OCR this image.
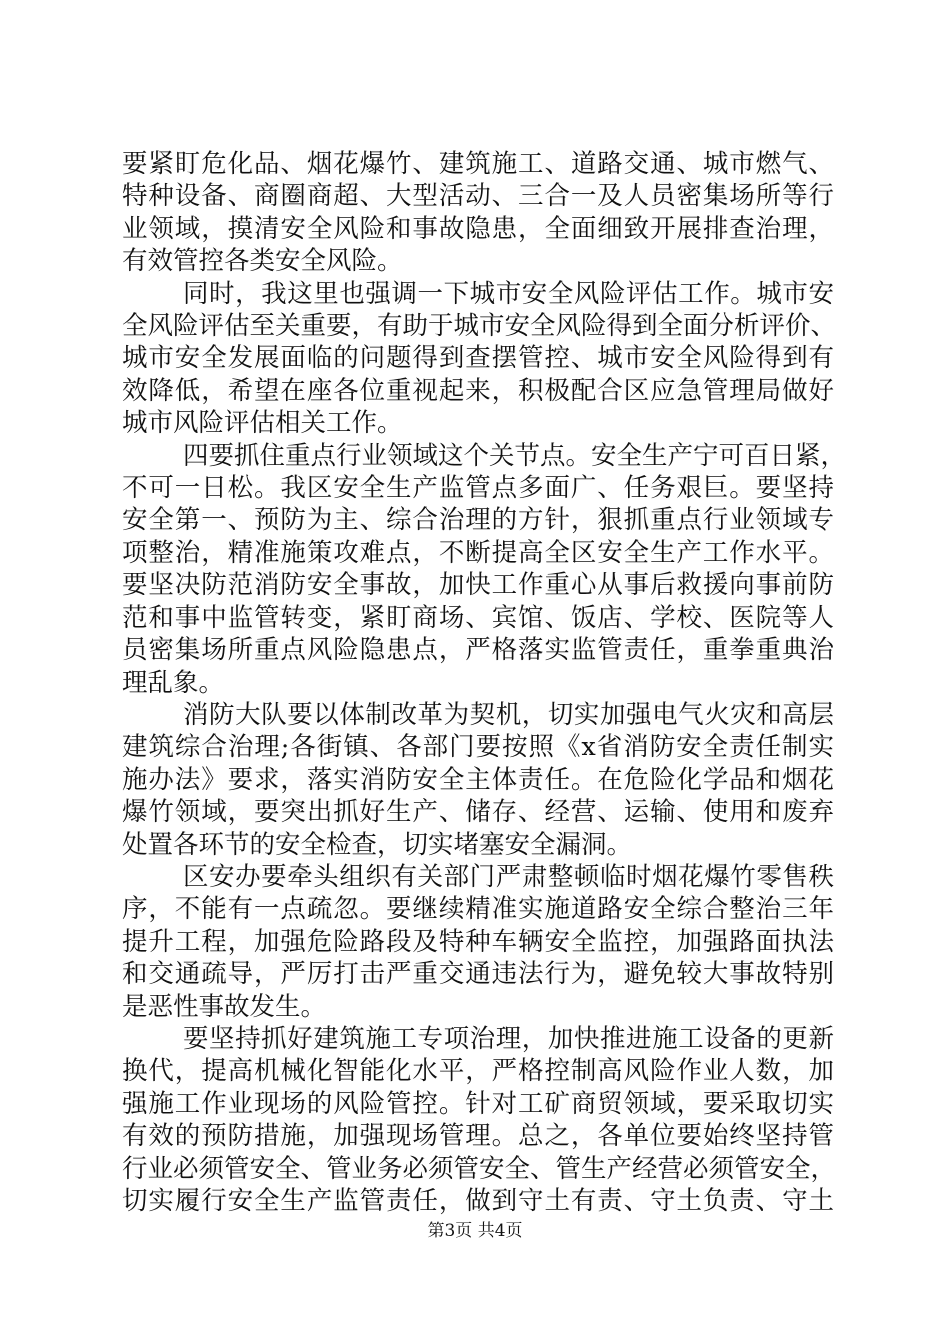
要紧盯危化品、烟花爆竹、建筑施工、道路交通、城市燃气、
特种设备、商圈商超、大型活动、三合一及人员密集场所等行
业领域，摸清安全风险和事故隐患，全面细致开展排查治理，
有效管控各类安全风险。
同时，我这里也强调一下城市安全风险评估工作。城市安
全风险评估至关重要，有助于城市安全风险得到全面分析评价、
城市安全发展面临的问题得到查摆管控、城市安全风险得到有
效降低，希望在座各位重视起来，积极配合区应急管理局做好
城市风险评估相关工作。
四要抓住重点行业领域这个关节点。安全生产宁可百日紧，
不可一日松。我区安全生产监管点多面广、任务艰巨。要坚持
安全第一、预防为主、综合治理的方针，狠抓重点行业领域专
项整治，精准施策攻难点，不断提高全区安全生产工作水平。
要坚决防范消防安全事故，加快工作重心从事后救援向事前防
范和事中监管转变，紧盯商场、宾馆、饭店、学校、医院等人
员密集场所重点风险隐患点，严格落实监管责任，重拳重典治
理乱象。
消防大队要以体制改革为契机，切实加强电气火灾和高层
建筑综合治理;各街镇、各部门要按照《x省消防安全责任制实
施办法》要求，落实消防安全主体责任。在危险化学品和烟花
爆竹领域，要突出抓好生产、储存、经营、运输、使用和废弃
处置各环节的安全检查，切实堵塞安全漏洞。
区安办要牵头组织有关部门严肃整顿临时烟花爆竹零售秩
序，不能有一点疏忽。要继续精准实施道路安全综合整治三年
提升工程，加强危险路段及特种车辆安全监控，加强路面执法
和交通疏导，严厉打击严重交通违法行为，避免较大事故特别
是恶性事故发生。
要坚持抓好建筑施工专项治理，加快推进施工设备的更新
换代，提高机械化智能化水平，严格控制高风险作业人数，加
强施工作业现场的风险管控。针对工矿商贸领域，要采取切实
有效的预防措施，加强现场管理。总之，各单位要始终坚持管
行业必须管安全、管业务必须管安全、管生产经营必须管安全，
切实履行安全生产监管责任，做到守土有责、守土负责、守土
第3页 共4页
